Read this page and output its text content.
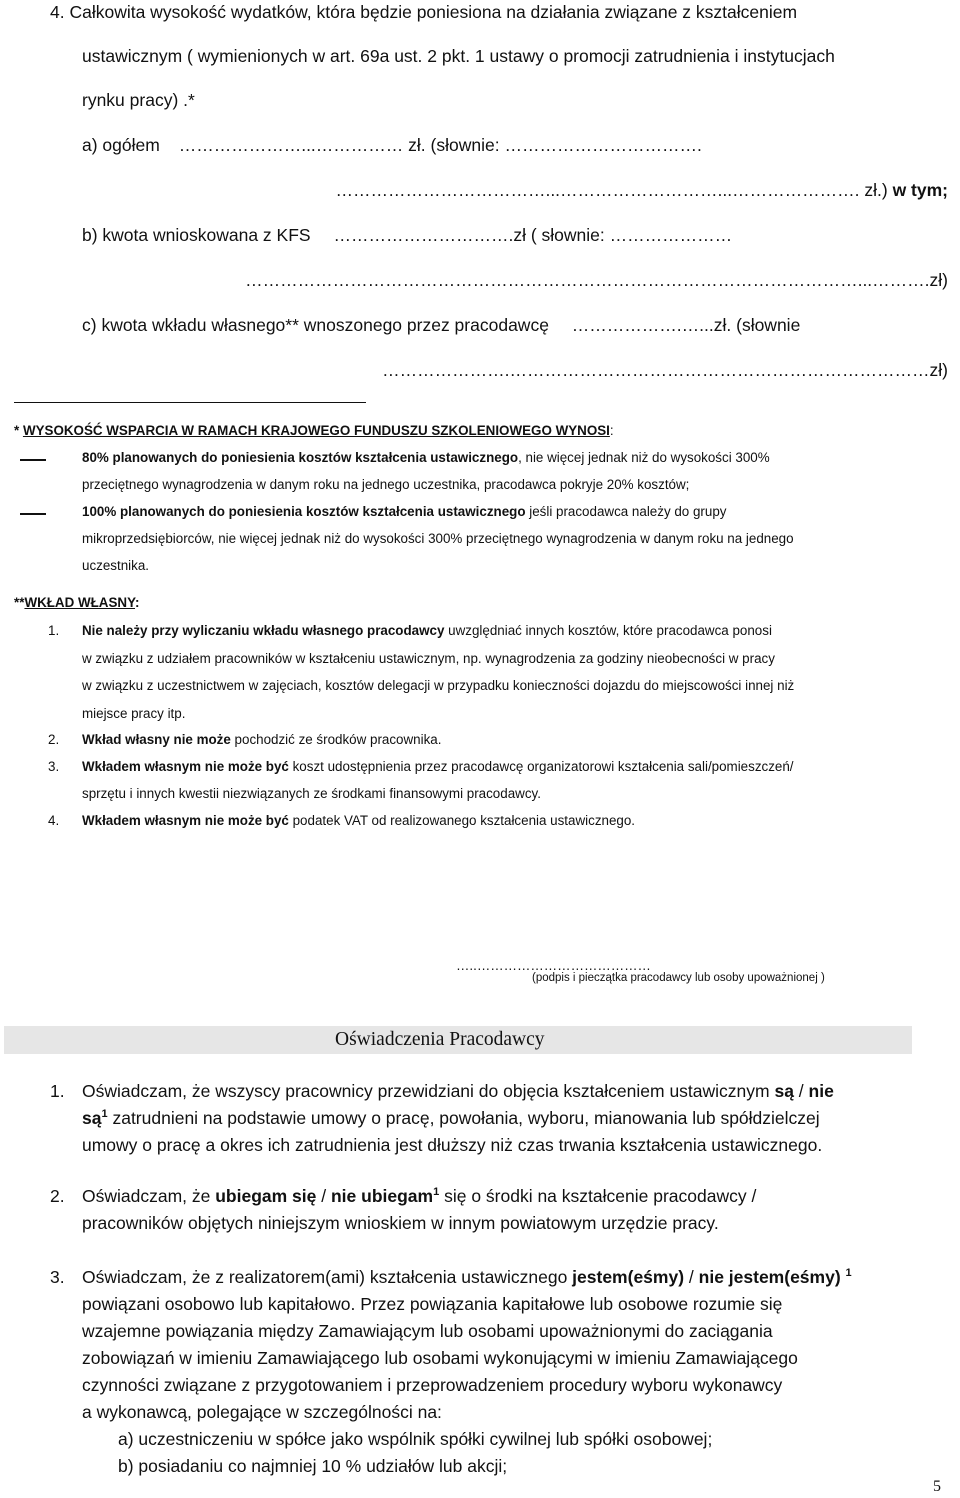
4. Całkowita wysokość wydatków, która będzie poniesiona na działania związane z kształceniem
ustawicznym ( wymienionych w art. 69a ust. 2 pkt. 1 ustawy o promocji zatrudnienia i instytucjach
rynku pracy) .*
a) ogółem …………………...…………… zł. (słownie: …………………………….
………………………………...………………………...…………………. zł.) w tym;
b) kwota wnioskowana z KFS ………………………….zł ( słownie: …………………
……………………………………………………………………………………………...……….zł)
c) kwota wkładu własnego** wnoszonego przez pracodawcę ……………….…...zł. (słownie
………………….………………………………………………………………zł)
* WYSOKOŚĆ WSPARCIA W RAMACH KRAJOWEGO FUNDUSZU SZKOLENIOWEGO WYNOSI:
80% planowanych do poniesienia kosztów kształcenia ustawicznego, nie więcej jednak niż do wysokości 300%
przeciętnego wynagrodzenia w danym roku na jednego uczestnika, pracodawca pokryje 20% kosztów;
100% planowanych do poniesienia kosztów kształcenia ustawicznego jeśli pracodawca należy do grupy
mikroprzedsiębiorców, nie więcej jednak niż do wysokości 300% przeciętnego wynagrodzenia w danym roku na jednego
uczestnika.
**WKŁAD WŁASNY:
1. Nie należy przy wyliczaniu wkładu własnego pracodawcy uwzględniać innych kosztów, które pracodawca ponosi
w związku z udziałem pracowników w kształceniu ustawicznym, np. wynagrodzenia za godziny nieobecności w pracy
w związku z uczestnictwem w zajęciach, kosztów delegacji w przypadku konieczności dojazdu do miejscowości innej niż
miejsce pracy itp.
2. Wkład własny nie może pochodzić ze środków pracownika.
3. Wkładem własnym nie może być koszt udostępnienia przez pracodawcę organizatorowi kształcenia sali/pomieszczeń/
sprzętu i innych kwestii niezwiązanych ze środkami finansowymi pracodawcy.
4. Wkładem własnym nie może być podatek VAT od realizowanego kształcenia ustawicznego.
…..…………………………………
(podpis i pieczątka pracodawcy lub osoby upoważnionej )
Oświadczenia Pracodawcy
1. Oświadczam, że wszyscy pracownicy przewidziani do objęcia kształceniem ustawicznym są / nie
$są^1$ zatrudnieni na podstawie umowy o pracę, powołania, wyboru, mianowania lub spółdzielczej
umowy o pracę a okres ich zatrudnienia jest dłuższy niż czas trwania kształcenia ustawicznego.
2. Oświadczam, że ubiegam się / nie ubiegam$^1$ się o środki na kształcenie pracodawcy /
pracowników objętych niniejszym wnioskiem w innym powiatowym urzędzie pracy.
3. Oświadczam, że z realizatorem(ami) kształcenia ustawicznego jestem(eśmy) / nie jestem(eśmy) $^1$
powiązani osobowo lub kapitałowo. Przez powiązania kapitałowe lub osobowe rozumie się
wzajemne powiązania między Zamawiającym lub osobami upoważnionymi do zaciągania
zobowiązań w imieniu Zamawiającego lub osobami wykonującymi w imieniu Zamawiającego
czynności związane z przygotowaniem i przeprowadzeniem procedury wyboru wykonawcy
a wykonawcą, polegające w szczególności na:
a) uczestniczeniu w spółce jako wspólnik spółki cywilnej lub spółki osobowej;
b) posiadaniu co najmniej 10 % udziałów lub akcji;
5
